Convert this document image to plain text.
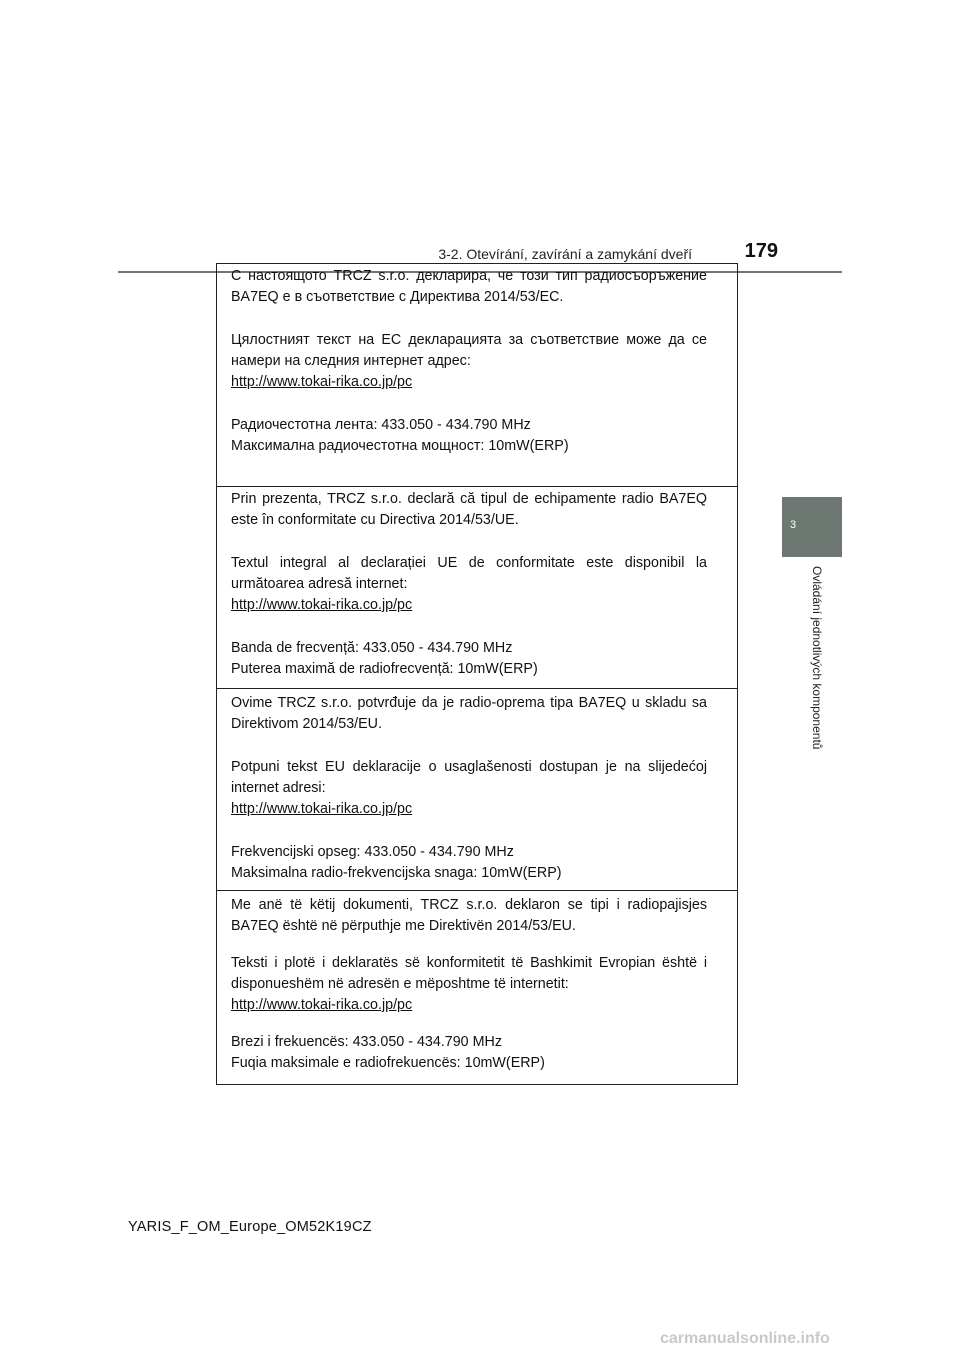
3-2. Otevírání, zavírání a zamykání dveří	179
3
Ovládání jednotlivých komponentů

С настоящото TRCZ s.r.o. декларира, че този тип радиосъоръжение BA7EQ е в съответствие с Директива 2014/53/ЕС.

Цялостният текст на ЕС декларацията за съответствие може да се намери на следния интернет адрес:

http://www.tokai-rika.co.jp/pc

Радиочестотна лента: 433.050 - 434.790 MHz

Максимална радиочестотна мощност: 10mW(ERP)

Prin prezenta, TRCZ s.r.o. declară că tipul de echipamente radio BA7EQ este în conformitate cu Directiva 2014/53/UE.

Textul integral al declarației UE de conformitate este disponibil la următoarea adresă internet:

http://www.tokai-rika.co.jp/pc

Banda de frecvență: 433.050 - 434.790 MHz

Puterea maximă de radiofrecvență: 10mW(ERP)

Ovime TRCZ s.r.o. potvrđuje da je radio-oprema tipa BA7EQ u skladu sa Direktivom 2014/53/EU.

Potpuni tekst EU deklaracije o usaglašenosti dostupan je na slijedećoj internet adresi:

http://www.tokai-rika.co.jp/pc

Frekvencijski opseg: 433.050 - 434.790 MHz

Maksimalna radio-frekvencijska snaga: 10mW(ERP)

Me anë të këtij dokumenti, TRCZ s.r.o. deklaron se tipi i radiopajisjes BA7EQ është në përputhje me Direktivën 2014/53/EU.

Teksti i plotë i deklaratës së konformitetit të Bashkimit Evropian është i disponueshëm në adresën e mëposhtme të internetit:

http://www.tokai-rika.co.jp/pc

Brezi i frekuencës: 433.050 - 434.790 MHz

Fuqia maksimale e radiofrekuencës: 10mW(ERP)

YARIS_F_OM_Europe_OM52K19CZ
carmanualsonline.info
